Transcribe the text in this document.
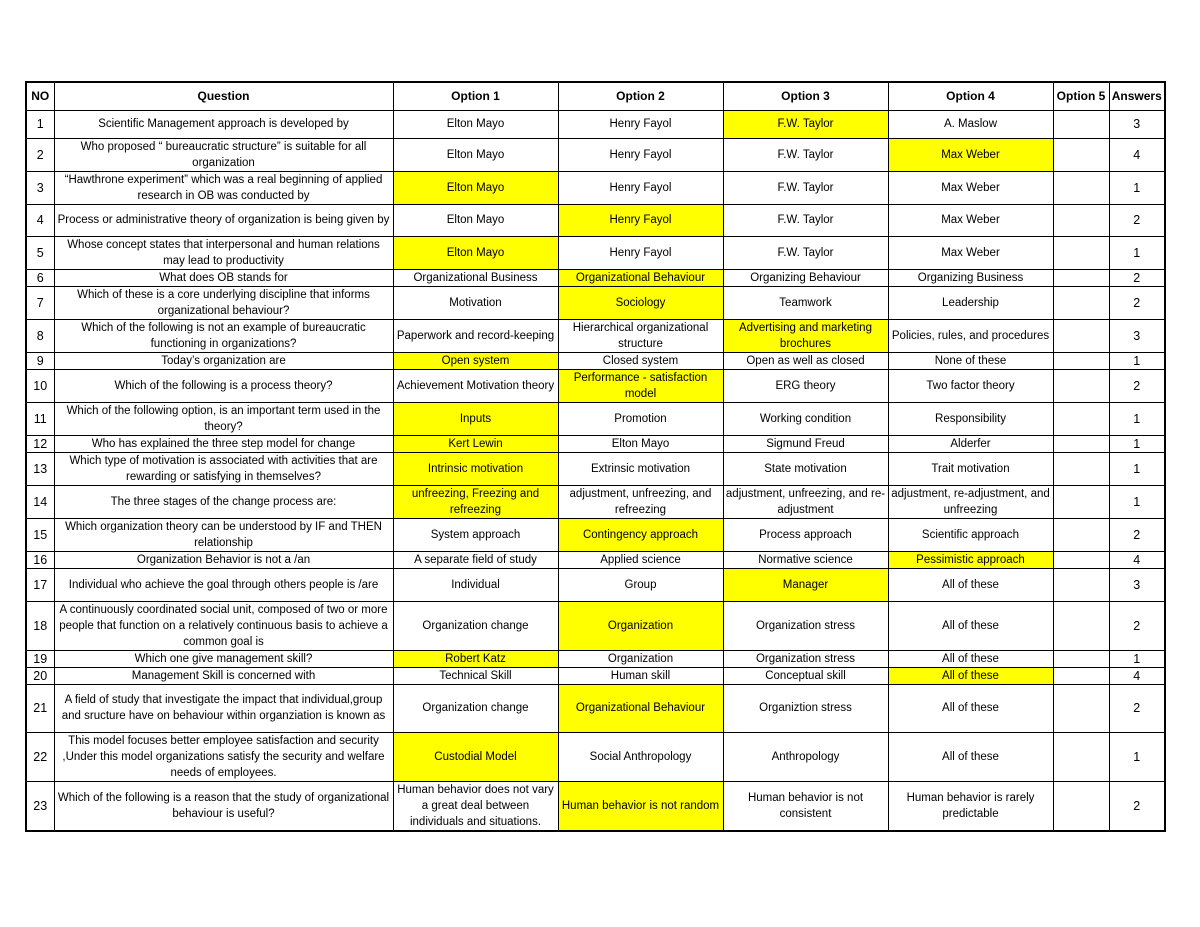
NO	Question	Option 1	Option 2	Option 3	Option 4	Option 5	Answers
1	Scientific Management approach is developed by	Elton Mayo	Henry Fayol	F.W. Taylor	A. Maslow		3
2	Who proposed “ bureaucratic structure” is suitable for all organization	Elton Mayo	Henry Fayol	F.W. Taylor	Max Weber		4
3	“Hawthrone experiment” which was a real beginning of applied research in OB was conducted by	Elton Mayo	Henry Fayol	F.W. Taylor	Max Weber		1
4	Process or administrative theory of organization is being given by	Elton Mayo	Henry Fayol	F.W. Taylor	Max Weber		2
5	Whose concept states that interpersonal and human relations may lead to productivity	Elton Mayo	Henry Fayol	F.W. Taylor	Max Weber		1
6	What does OB stands for	Organizational Business	Organizational Behaviour	Organizing Behaviour	Organizing Business		2
7	Which of these is a core underlying discipline that informs organizational behaviour?	Motivation	Sociology	Teamwork	Leadership		2
8	Which of the following is not an example of bureaucratic functioning in organizations?	Paperwork and record-keeping	Hierarchical organizational structure	Advertising and marketing brochures	Policies, rules, and procedures		3
9	Today’s organization are	Open system	Closed system	Open as well as closed	None of these		1
10	Which of the following is a process theory?	Achievement Motivation theory	Performance - satisfaction model	ERG theory	Two factor theory		2
11	Which of the following option, is an important term used in the theory?	Inputs	Promotion	Working condition	Responsibility		1
12	Who has explained the three step model for change	Kert Lewin	Elton Mayo	Sigmund Freud	Alderfer		1
13	Which type of motivation is associated with activities that are rewarding or satisfying in themselves?	Intrinsic motivation	Extrinsic motivation	State motivation	Trait motivation		1
14	The three stages of the change process are:	unfreezing, Freezing and refreezing	adjustment, unfreezing, and refreezing	adjustment, unfreezing, and re-adjustment	adjustment, re-adjustment, and unfreezing		1
15	Which organization theory can be understood by IF and THEN relationship	System approach	Contingency approach	Process approach	Scientific approach		2
16	Organization Behavior is not a /an	A separate field of study	Applied science	Normative science	Pessimistic approach		4
17	Individual who achieve the goal through others people is /are	Individual	Group	Manager	All of these		3
18	A continuously coordinated social unit, composed of two or more people that function on a relatively continuous basis to achieve a common goal is	Organization change	Organization	Organization stress	All of these		2
19	Which one give management skill?	Robert Katz	Organization	Organization stress	All of these		1
20	Management Skill is concerned with	Technical Skill	Human skill	Conceptual skill	All of these		4
21	A field of study that investigate the impact that individual,group and sructure have on behaviour within organziation is known as	Organization change	Organizational Behaviour	Organiztion stress	All of these		2
22	This model focuses better employee satisfaction and security ,Under this model organizations satisfy the security and welfare needs of employees.	Custodial Model	Social Anthropology	Anthropology	All of these		1
23	Which of the following is a reason that the study of organizational behaviour is useful?	Human behavior does not vary a great deal between individuals and situations.	Human behavior is not random	Human behavior is not consistent	Human behavior is rarely predictable		2
